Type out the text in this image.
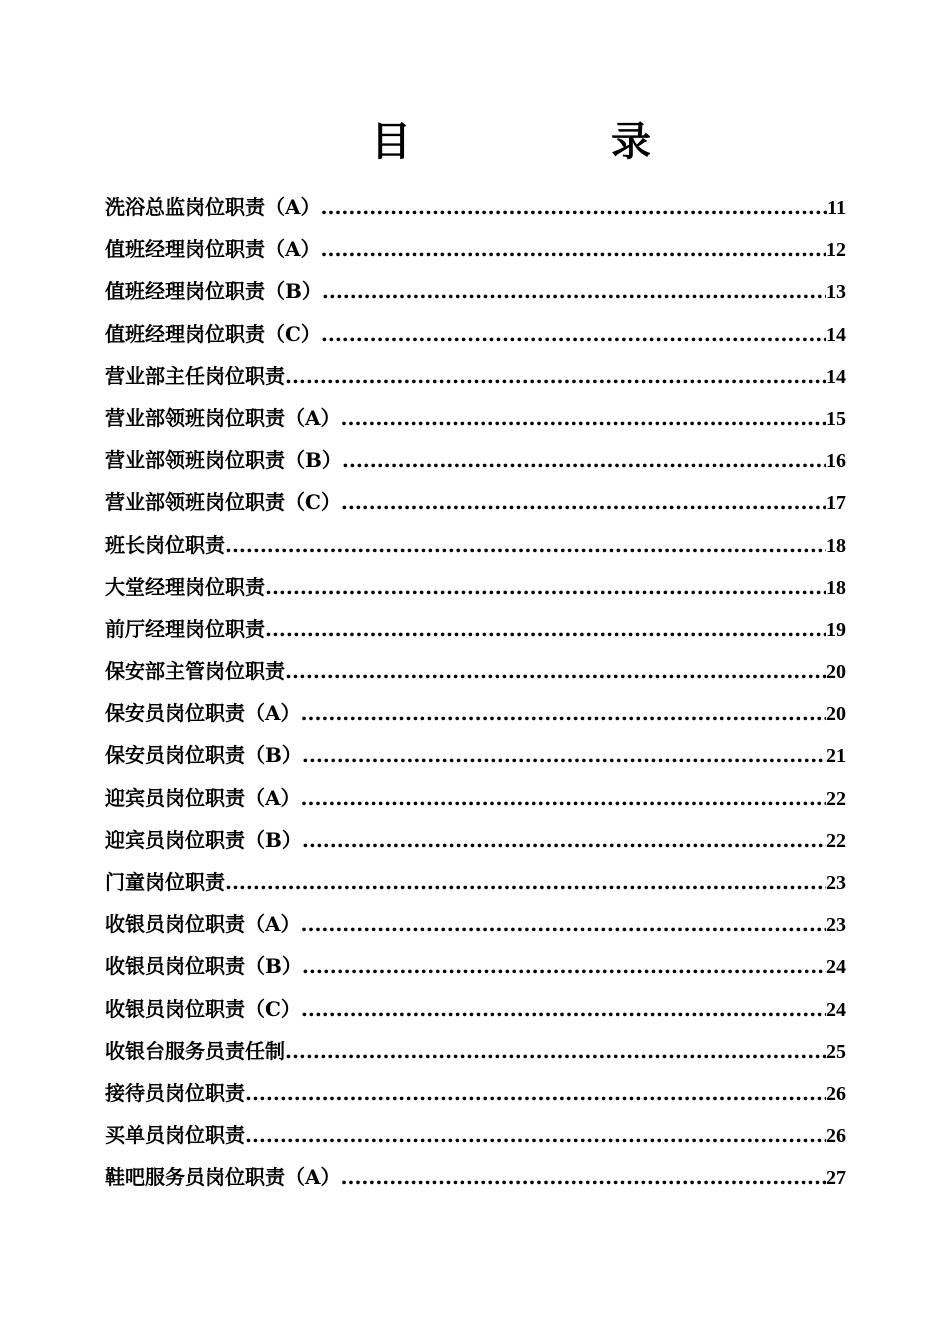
目	录
洗浴总监岗位职责（A） .....	11
值班经理岗位职责（A） .....	12
值班经理岗位职责（B） .....	13
值班经理岗位职责（C） .....	14
营业部主任岗位职责 .....	14
营业部领班岗位职责（A） .....	15
营业部领班岗位职责（B） .....	16
营业部领班岗位职责（C） .....	17
班长岗位职责 .....	18
大堂经理岗位职责 .....	18
前厅经理岗位职责 .....	19
保安部主管岗位职责 .....	20
保安员岗位职责（A） .....	20
保安员岗位职责（B） .....	21
迎宾员岗位职责（A） .....	22
迎宾员岗位职责（B） .....	22
门童岗位职责 .....	23
收银员岗位职责（A） .....	23
收银员岗位职责（B） .....	24
收银员岗位职责（C） .....	24
收银台服务员责任制 .....	25
接待员岗位职责 .....	26
买单员岗位职责 .....	26
鞋吧服务员岗位职责（A） .....	27
